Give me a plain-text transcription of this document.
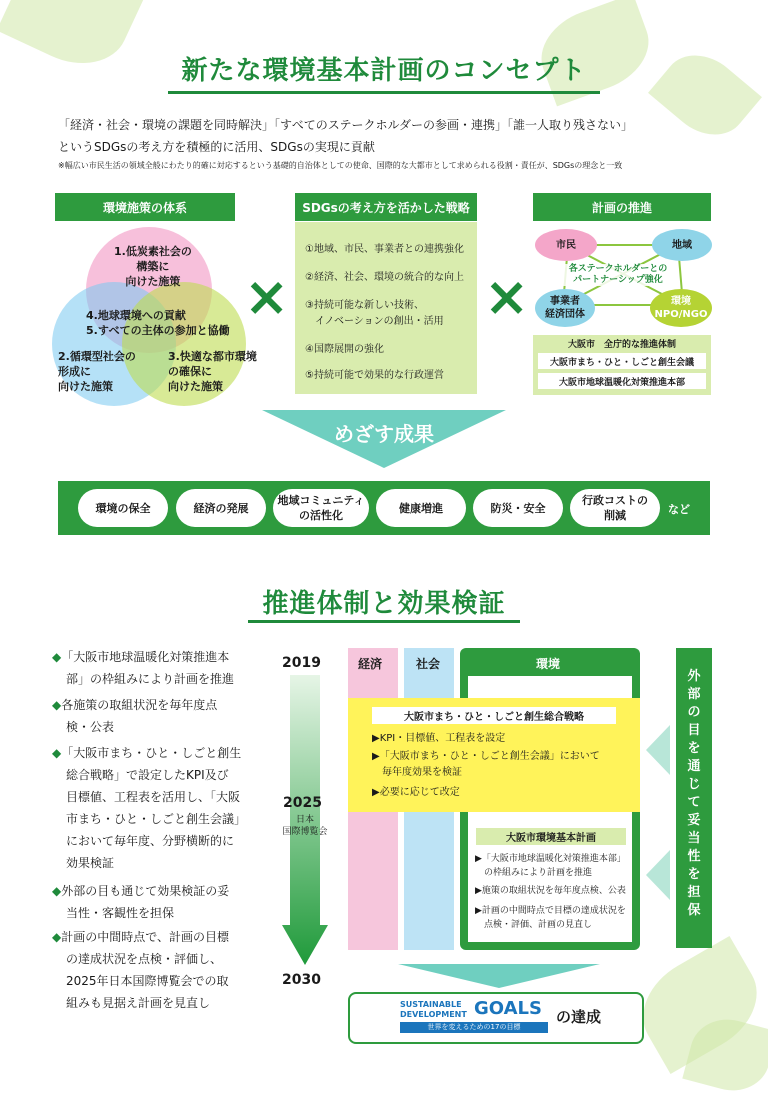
新たな環境基本計画のコンセプト
「経済・社会・環境の課題を同時解決」「すべてのステークホルダーの参画・連携」「誰一人取り残さない」
というSDGsの考え方を積極的に活用、SDGsの実現に貢献
※幅広い市民生活の領域全般にわたり的確に対応するという基礎的自治体としての使命、国際的な大都市として求められる役割・責任が、SDGsの理念と一致
環境施策の体系
1.低炭素社会の
構築に
向けた施策
4.地球環境への貢献
5.すべての主体の参加と協働
2.循環型社会の
形成に
向けた施策
3.快適な都市環境
の確保に
向けた施策
×
SDGsの考え方を活かした戦略
①地域、市民、事業者との連携強化
②経済、社会、環境の統合的な向上
③持続可能な新しい技術、
　イノベーションの創出・活用
④国際展開の強化
⑤持続可能で効果的な行政運営
×
計画の推進
市民	地域
各ステークホルダーとの
パートナーシップ強化
事業者
経済団体
環境
NPO/NGO
大阪市　全庁的な推進体制
大阪市まち・ひと・しごと創生会議
大阪市地球温暖化対策推進本部
めざす成果
環境の保全	経済の発展
地域コミュニティ
の活性化
健康増進	防災・安全
行政コストの
削減	など
推進体制と効果検証
◆「大阪市地球温暖化対策推進本
部」の枠組みにより計画を推進
◆各施策の取組状況を毎年度点
検・公表
◆「大阪市まち・ひと・しごと創生
総合戦略」で設定したKPI及び
目標値、工程表を活用し、「大阪
市まち・ひと・しごと創生会議」
において毎年度、分野横断的に
効果検証
◆外部の目も通じて効果検証の妥
当性・客観性を担保
◆計画の中間時点で、計画の目標
の達成状況を点検・評価し、
2025年日本国際博覧会での取
組みも見据え計画を見直し
2019
2025
日本
国際博覧会
2030
経済	社会	環境
大阪市まち・ひと・しごと創生総合戦略
▶KPI・目標値、工程表を設定
▶「大阪市まち・ひと・しごと創生会議」において
　毎年度効果を検証
▶必要に応じて改定
大阪市環境基本計画
▶「大阪市地球温暖化対策推進本部」
　の枠組みにより計画を推進
▶施策の取組状況を毎年度点検、公表
▶計画の中間時点で目標の達成状況を
　点検・評価、計画の見直し
外部の目を通じて妥当性を担保
SUSTAINABLE
DEVELOPMENT GOALS
世界を変えるための17の目標
の達成
